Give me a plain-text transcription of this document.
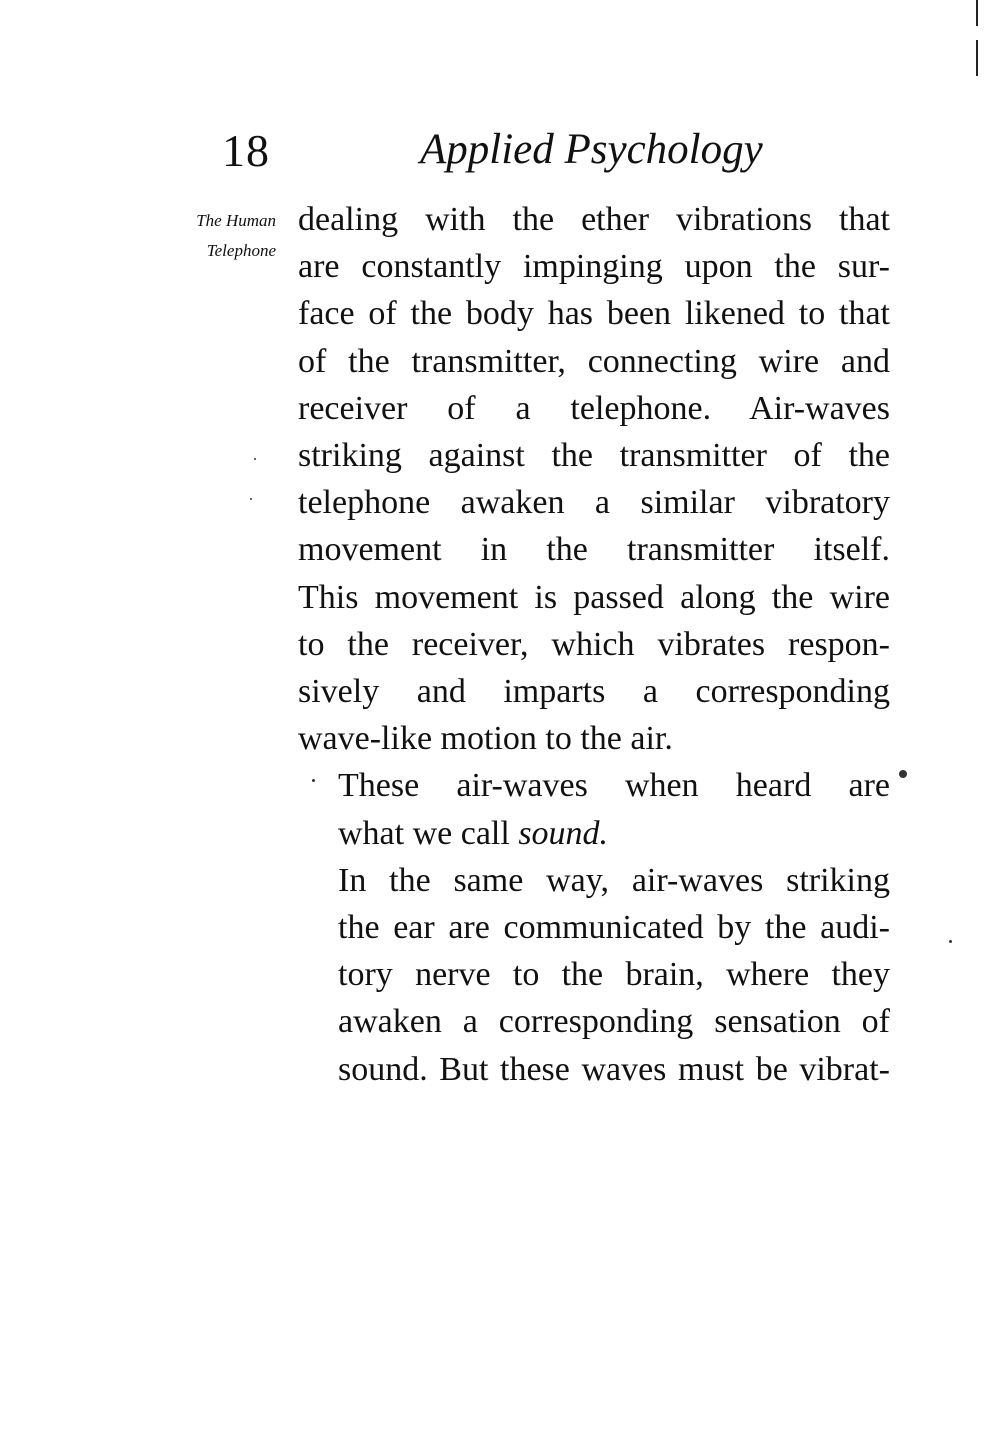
18	Applied Psychology
The Human
Telephone

dealing with the ether vibrations that
are constantly impinging upon the sur-
face of the body has been likened to that
of the transmitter, connecting wire and
receiver of a telephone. Air-waves
striking against the transmitter of the
telephone awaken a similar vibratory
movement in the transmitter itself.
This movement is passed along the wire
to the receiver, which vibrates respon-
sively and imparts a corresponding
wave-like motion to the air.

These air-waves when heard are
what we call sound.

In the same way, air-waves striking
the ear are communicated by the audi-
tory nerve to the brain, where they
awaken a corresponding sensation of
sound. But these waves must be vibrat-
